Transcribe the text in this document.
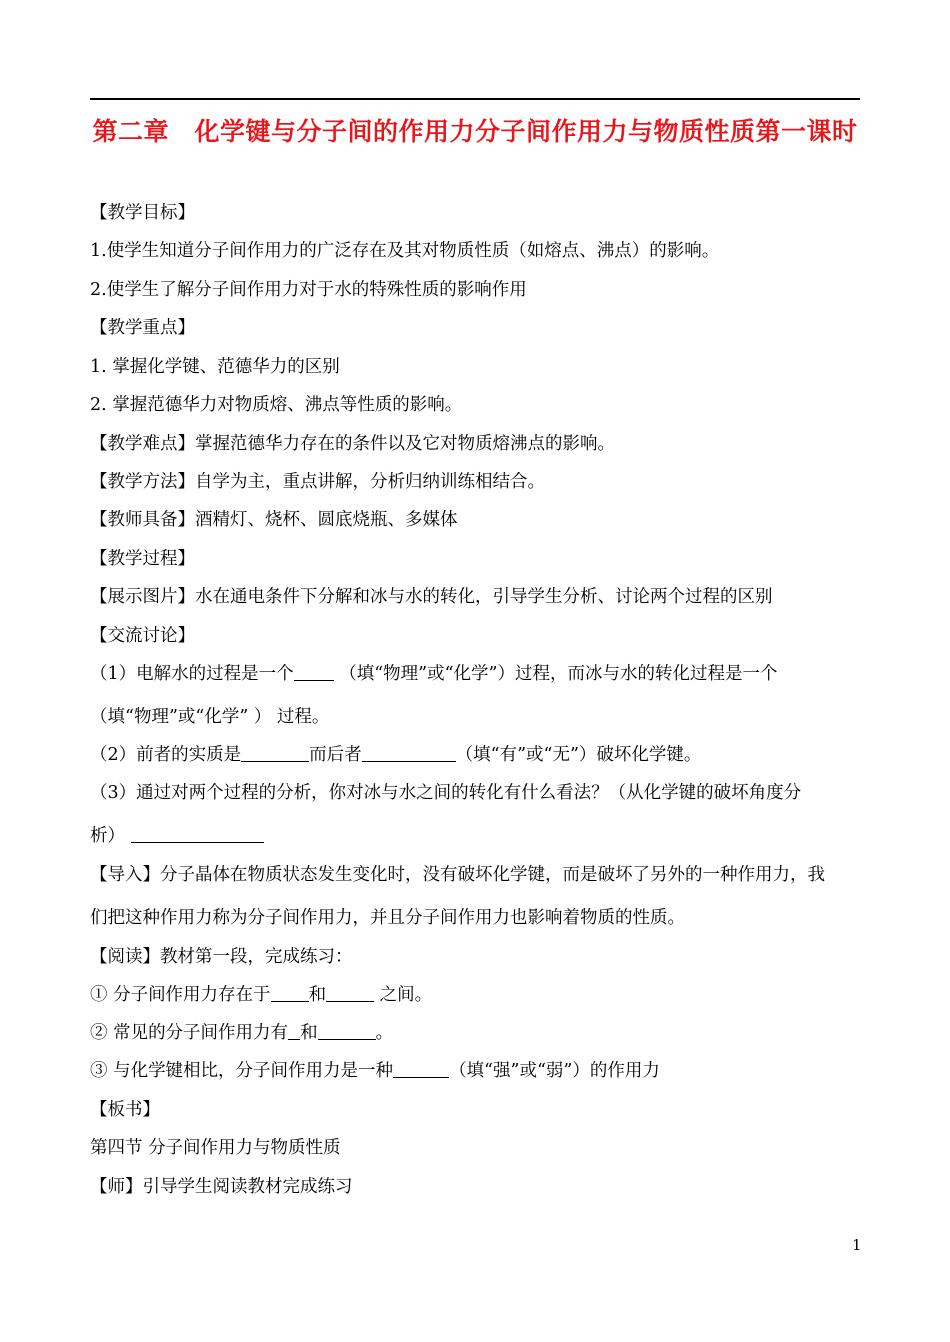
第二章　化学键与分子间的作用力分子间作用力与物质性质第一课时
【教学目标】
1.使学生知道分子间作用力的广泛存在及其对物质性质（如熔点、沸点）的影响。
2.使学生了解分子间作用力对于水的特殊性质的影响作用
【教学重点】
1. 掌握化学键、范德华力的区别
2. 掌握范德华力对物质熔、沸点等性质的影响。
【教学难点】掌握范德华力存在的条件以及它对物质熔沸点的影响。
【教学方法】自学为主，重点讲解，分析归纳训练相结合。
【教师具备】酒精灯、烧杯、圆底烧瓶、多媒体
【教学过程】
【展示图片】水在通电条件下分解和冰与水的转化，引导学生分析、讨论两个过程的区别
【交流讨论】
（1）电解水的过程是一个 （填“物理”或“化学”）过程，而冰与水的转化过程是一个
（填“物理”或“化学” ） 过程。
（2）前者的实质是	而后者	（填“有”或“无”）破坏化学键。
（3）通过对两个过程的分析，你对冰与水之间的转化有什么看法？（从化学键的破坏角度分
析）
【导入】分子晶体在物质状态发生变化时，没有破坏化学键，而是破坏了另外的一种作用力，我
们把这种作用力称为分子间作用力，并且分子间作用力也影响着物质的性质。
【阅读】教材第一段，完成练习：
① 分子间作用力存在于 和	之间。
② 常见的分子间作用力有 和	。
③ 与化学键相比，分子间作用力是一种	（填“强”或“弱”）的作用力
【板书】
第四节 分子间作用力与物质性质
【师】引导学生阅读教材完成练习
1
